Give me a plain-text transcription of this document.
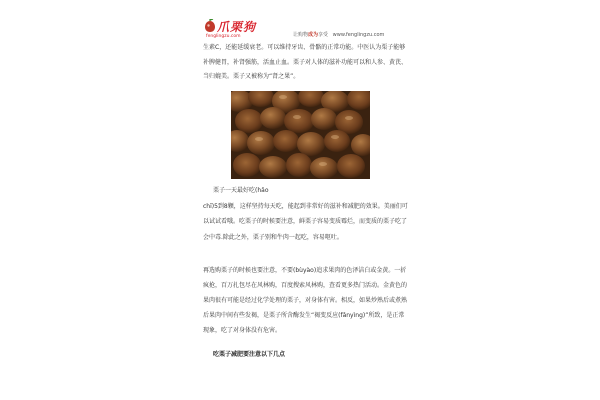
爪栗狗
fenglingzu.com	让购物成为享受 www.fenglingzu.com
生素C，还能延缓衰老。可以维持牙齿、骨骼的正常功能。中医认为栗子能够
补脾健胃，补肾强筋，活血止血。栗子对人体的滋补功能可以和人参、黄芪、
当归媲美。栗子又被称为“肾之果”。
栗子一天最好吃(hǎo
chī)5到8颗，这样坚持每天吃，能起到非常好的滋补和减肥的效果。美丽们可
以试试看哦。吃栗子的时候要注意，鲜栗子容易变质霉烂，而变质的栗子吃了
会中毒.除此之外，栗子别和牛肉一起吃，容易呕吐。
再选购栗子的时候也要注意，不要(bùyào)追求果肉的色泽洁白或金黄。一折
疯抢，百万扎包尽在风林购，百度搜索风林购，查看更多热门活动。金黄色的
果肉很有可能是经过化学处理的栗子，对身体有害。相反，如果炒熟后或煮熟
后果肉中间有些发褐，是栗子所含酶发生“褐变反应(fǎnyìng)”所致，是正常
现象，吃了对身体没有危害。
吃栗子减肥要注意以下几点
